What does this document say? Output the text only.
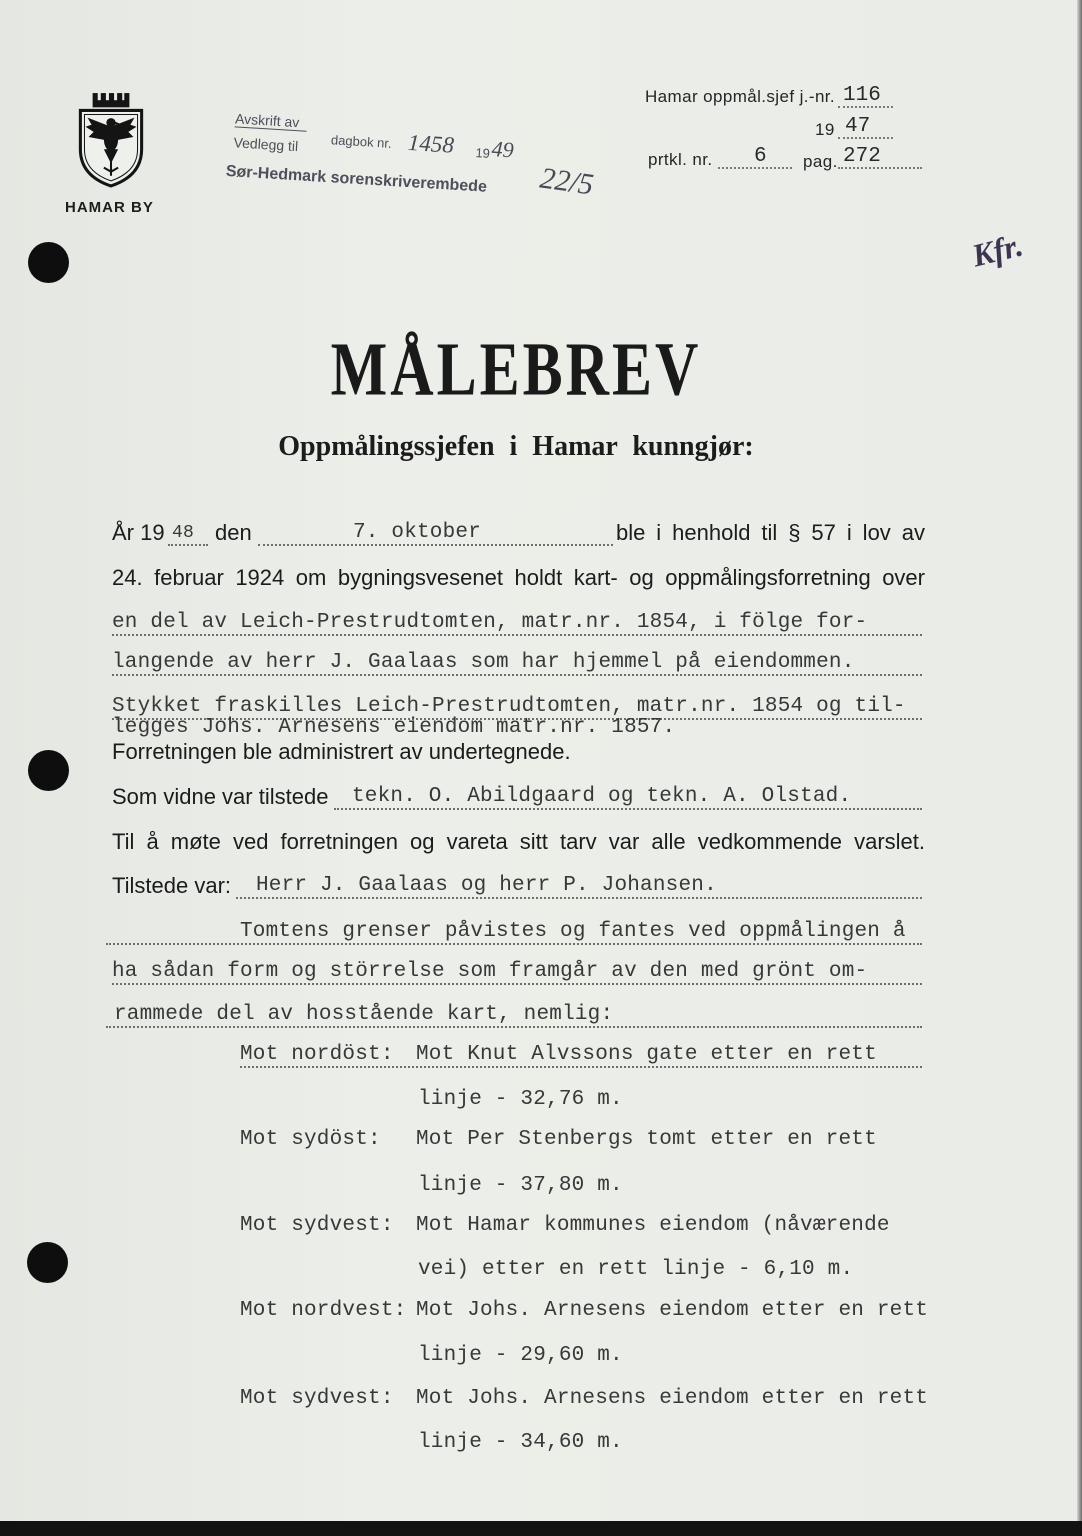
HAMAR BY
Avskrift av
Vedlegg til dagbok nr. 1458 19 49
Sør-Hedmark sorenskriverembede 22/5
Hamar oppmål.sjef j.-nr. 116
19 47
prtkl. nr.	6	pag. 272
Kfr.
MÅLEBREV
Oppmålingssjefen i Hamar kunngjør:
År 19 48 den	7. oktober	ble i henhold til § 57 i lov av
24. februar 1924 om bygningsvesenet holdt kart- og oppmålingsforretning over
en del av Leich-Prestrudtomten, matr.nr. 1854, i fölge for-
langende av herr J. Gaalaas som har hjemmel på eiendommen.
Stykket fraskilles Leich-Prestrudtomten, matr.nr. 1854 og til-
legges Johs. Arnesens eiendom matr.nr. 1857.
Forretningen ble administrert av undertegnede.
Som vidne var tilstede	tekn. O. Abildgaard og tekn. A. Olstad.
Til å møte ved forretningen og vareta sitt tarv var alle vedkommende varslet.
Tilstede var:	Herr J. Gaalaas og herr P. Johansen.
Tomtens grenser påvistes og fantes ved oppmålingen å
ha sådan form og störrelse som framgår av den med grönt om-
rammede del av hosstående kart, nemlig:
Mot nordöst: Mot Knut Alvssons gate etter en rett
linje - 32,76 m.
Mot sydöst: Mot Per Stenbergs tomt etter en rett
linje - 37,80 m.
Mot sydvest: Mot Hamar kommunes eiendom (nåværende
vei) etter en rett linje - 6,10 m.
Mot nordvest: Mot Johs. Arnesens eiendom etter en rett
linje - 29,60 m.
Mot sydvest: Mot Johs. Arnesens eiendom etter en rett
linje - 34,60 m.
